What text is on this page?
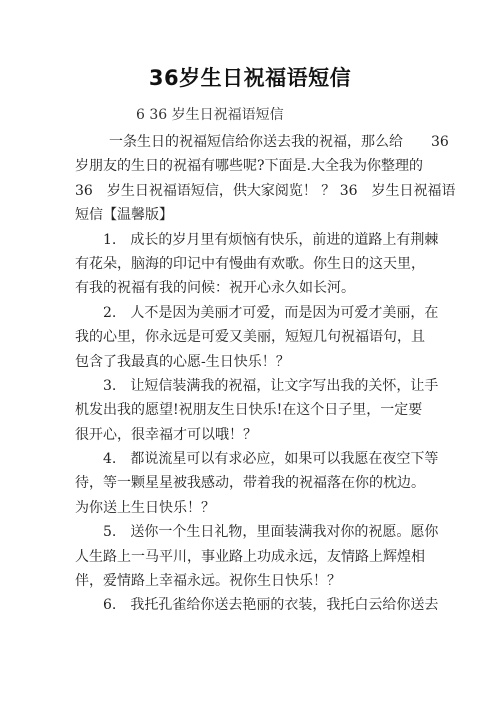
36岁生日祝福语短信
6 36 岁生日祝福语短信
一条生日的祝福短信给你送去我的祝福，那么给　　36
岁朋友的生日的祝福有哪些呢?下面是.大全我为你整理的
36　岁生日祝福语短信，供大家阅览！ ？ 36　岁生日祝福语
短信【温馨版】
1.　成长的岁月里有烦恼有快乐，前进的道路上有荆棘
有花朵，脑海的印记中有慢曲有欢歌。你生日的这天里，
有我的祝福有我的问候：祝开心永久如长河。
2.　人不是因为美丽才可爱，而是因为可爱才美丽，在
我的心里，你永远是可爱又美丽，短短几句祝福语句，且
包含了我最真的心愿-生日快乐！？
3.　让短信装满我的祝福，让文字写出我的关怀，让手
机发出我的愿望!祝朋友生日快乐!在这个日子里，一定要
很开心，很幸福才可以哦！？
4.　都说流星可以有求必应，如果可以我愿在夜空下等
待，等一颗星星被我感动，带着我的祝福落在你的枕边。
为你送上生日快乐！？
5.　送你一个生日礼物，里面装满我对你的祝愿。愿你
人生路上一马平川，事业路上功成永远，友情路上辉煌相
伴，爱情路上幸福永远。祝你生日快乐！？
6.　我托孔雀给你送去艳丽的衣装，我托白云给你送去
